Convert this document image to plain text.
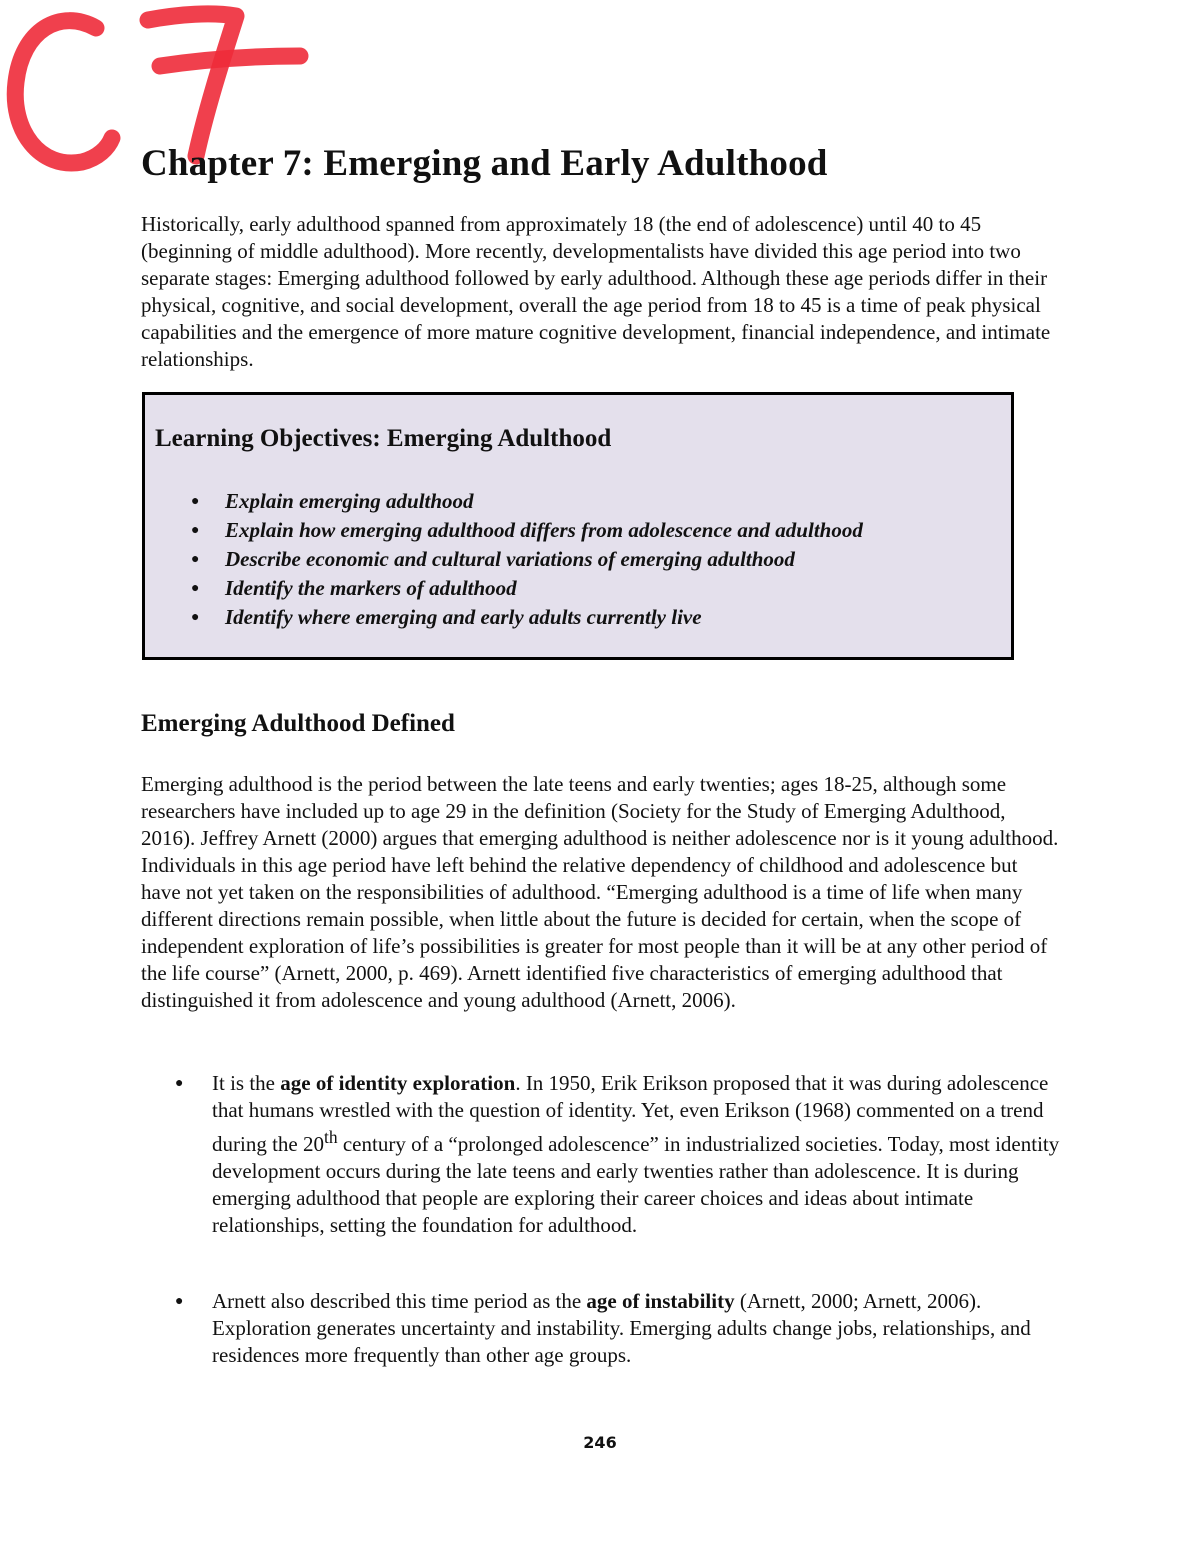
Chapter 7: Emerging and Early Adulthood

Historically, early adulthood spanned from approximately 18 (the end of adolescence) until 40 to 45 (beginning of middle adulthood). More recently, developmentalists have divided this age period into two separate stages: Emerging adulthood followed by early adulthood. Although these age periods differ in their physical, cognitive, and social development, overall the age period from 18 to 45 is a time of peak physical capabilities and the emergence of more mature cognitive development, financial independence, and intimate relationships.

Learning Objectives: Emerging Adulthood
● Explain emerging adulthood
● Explain how emerging adulthood differs from adolescence and adulthood
● Describe economic and cultural variations of emerging adulthood
● Identify the markers of adulthood
● Identify where emerging and early adults currently live
Emerging Adulthood Defined

Emerging adulthood is the period between the late teens and early twenties; ages 18-25, although some researchers have included up to age 29 in the definition (Society for the Study of Emerging Adulthood, 2016). Jeffrey Arnett (2000) argues that emerging adulthood is neither adolescence nor is it young adulthood. Individuals in this age period have left behind the relative dependency of childhood and adolescence but have not yet taken on the responsibilities of adulthood. “Emerging adulthood is a time of life when many different directions remain possible, when little about the future is decided for certain, when the scope of independent exploration of life’s possibilities is greater for most people than it will be at any other period of the life course” (Arnett, 2000, p. 469). Arnett identified five characteristics of emerging adulthood that distinguished it from adolescence and young adulthood (Arnett, 2006).

● It is the age of identity exploration. In 1950, Erik Erikson proposed that it was during adolescence that humans wrestled with the question of identity. Yet, even Erikson (1968) commented on a trend during the 20th century of a “prolonged adolescence” in industrialized societies. Today, most identity development occurs during the late teens and early twenties rather than adolescence. It is during emerging adulthood that people are exploring their career choices and ideas about intimate relationships, setting the foundation for adulthood.

● Arnett also described this time period as the age of instability (Arnett, 2000; Arnett, 2006). Exploration generates uncertainty and instability. Emerging adults change jobs, relationships, and residences more frequently than other age groups.

246
